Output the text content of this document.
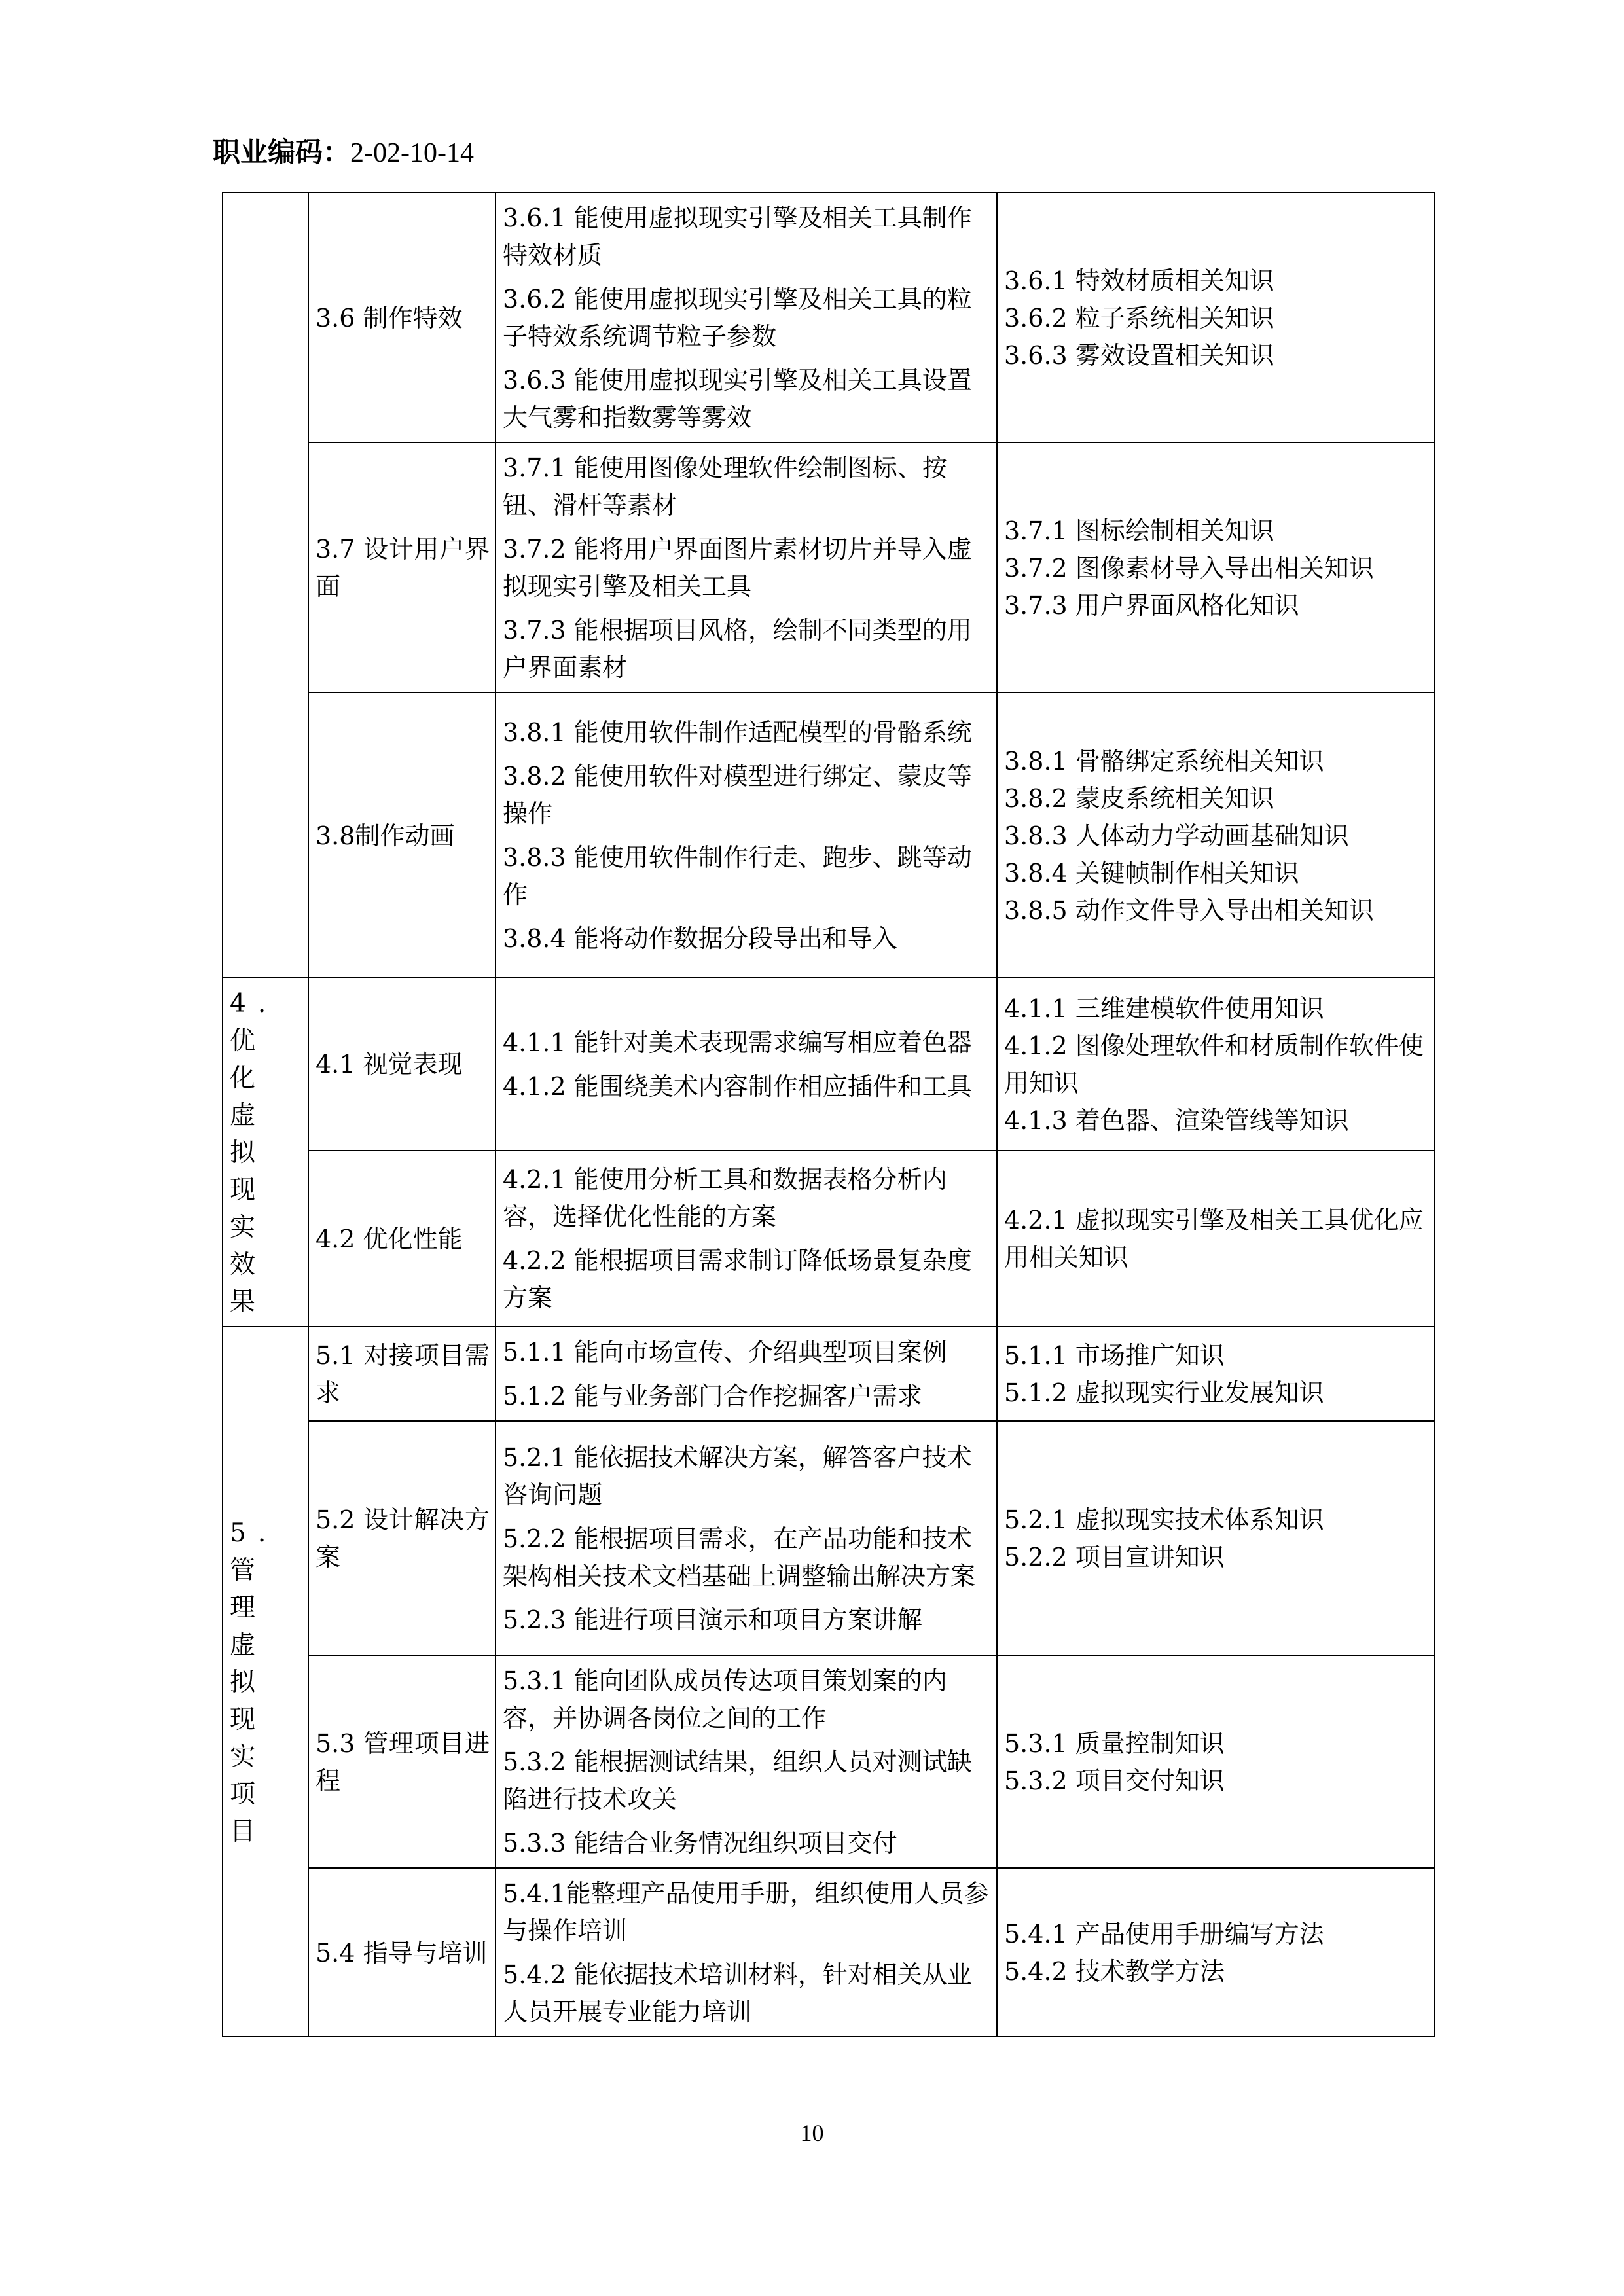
职业编码：2-02-10-14
	3.6 制作特效	3.6.1 能使用虚拟现实引擎及相关工具制作特效材质
3.6.2 能使用虚拟现实引擎及相关工具的粒子特效系统调节粒子参数
3.6.3 能使用虚拟现实引擎及相关工具设置大气雾和指数雾等雾效	3.6.1 特效材质相关知识
3.6.2 粒子系统相关知识
3.6.3 雾效设置相关知识

	3.7 设计用户界面	3.7.1 能使用图像处理软件绘制图标、按钮、滑杆等素材
3.7.2 能将用户界面图片素材切片并导入虚拟现实引擎及相关工具
3.7.3 能根据项目风格，绘制不同类型的用户界面素材	3.7.1 图标绘制相关知识
3.7.2 图像素材导入导出相关知识
3.7.3 用户界面风格化知识

	3.8制作动画	3.8.1 能使用软件制作适配模型的骨骼系统
3.8.2 能使用软件对模型进行绑定、蒙皮等操作
3.8.3 能使用软件制作行走、跑步、跳等动作
3.8.4 能将动作数据分段导出和导入	3.8.1 骨骼绑定系统相关知识
3.8.2 蒙皮系统相关知识
3.8.3 人体动力学动画基础知识
3.8.4 关键帧制作相关知识
3.8.5 动作文件导入导出相关知识

4. 优化虚拟现实效果	4.1 视觉表现	4.1.1 能针对美术表现需求编写相应着色器
4.1.2 能围绕美术内容制作相应插件和工具	4.1.1 三维建模软件使用知识
4.1.2 图像处理软件和材质制作软件使用知识
4.1.3 着色器、渲染管线等知识

	4.2 优化性能	4.2.1 能使用分析工具和数据表格分析内容，选择优化性能的方案
4.2.2 能根据项目需求制订降低场景复杂度方案	4.2.1 虚拟现实引擎及相关工具优化应用相关知识

5. 管理虚拟现实项目	5.1 对接项目需求	5.1.1 能向市场宣传、介绍典型项目案例
5.1.2 能与业务部门合作挖掘客户需求	5.1.1 市场推广知识
5.1.2 虚拟现实行业发展知识

	5.2 设计解决方案	5.2.1 能依据技术解决方案，解答客户技术咨询问题
5.2.2 能根据项目需求，在产品功能和技术架构相关技术文档基础上调整输出解决方案
5.2.3 能进行项目演示和项目方案讲解	5.2.1 虚拟现实技术体系知识
5.2.2 项目宣讲知识

	5.3 管理项目进程	5.3.1 能向团队成员传达项目策划案的内容，并协调各岗位之间的工作
5.3.2 能根据测试结果，组织人员对测试缺陷进行技术攻关
5.3.3 能结合业务情况组织项目交付	5.3.1 质量控制知识
5.3.2 项目交付知识

	5.4 指导与培训	5.4.1能整理产品使用手册，组织使用人员参与操作培训
5.4.2 能依据技术培训材料，针对相关从业人员开展专业能力培训	5.4.1 产品使用手册编写方法
5.4.2 技术教学方法
10
